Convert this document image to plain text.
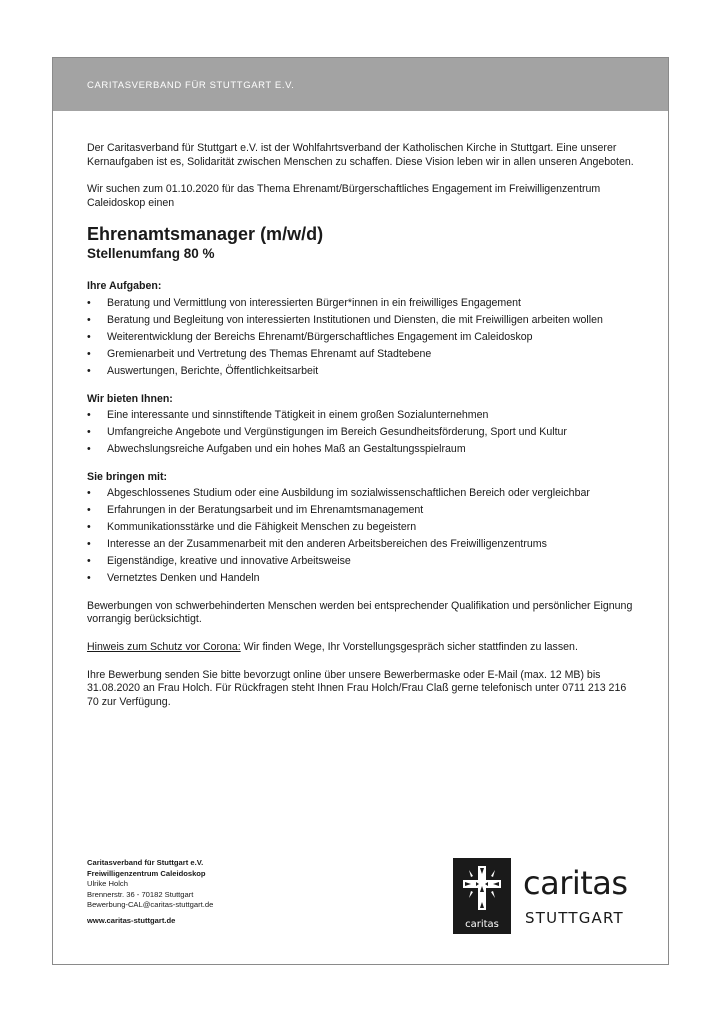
CARITASVERBAND FÜR STUTTGART E.V.

Der Caritasverband für Stuttgart e.V. ist der Wohlfahrtsverband der Katholischen Kirche in Stuttgart. Eine unserer Kernaufgaben ist es, Solidarität zwischen Menschen zu schaffen. Diese Vision leben wir in allen unseren Angeboten.

Wir suchen zum 01.10.2020 für das Thema Ehrenamt/Bürgerschaftliches Engagement im Freiwilligenzentrum Caleidoskop einen

Ehrenamtsmanager (m/w/d)
Stellenumfang 80 %
Ihre Aufgaben:
• Beratung und Vermittlung von interessierten Bürger*innen in ein freiwilliges Engagement
• Beratung und Begleitung von interessierten Institutionen und Diensten, die mit Freiwilligen arbeiten wollen
• Weiterentwicklung der Bereichs Ehrenamt/Bürgerschaftliches Engagement im Caleidoskop
• Gremienarbeit und Vertretung des Themas Ehrenamt auf Stadtebene
• Auswertungen, Berichte, Öffentlichkeitsarbeit
Wir bieten Ihnen:
• Eine interessante und sinnstiftende Tätigkeit in einem großen Sozialunternehmen
• Umfangreiche Angebote und Vergünstigungen im Bereich Gesundheitsförderung, Sport und Kultur
• Abwechslungsreiche Aufgaben und ein hohes Maß an Gestaltungsspielraum
Sie bringen mit:
• Abgeschlossenes Studium oder eine Ausbildung im sozialwissenschaftlichen Bereich oder vergleichbar
• Erfahrungen in der Beratungsarbeit und im Ehrenamtsmanagement
• Kommunikationsstärke und die Fähigkeit Menschen zu begeistern
• Interesse an der Zusammenarbeit mit den anderen Arbeitsbereichen des Freiwilligenzentrums
• Eigenständige, kreative und innovative Arbeitsweise
• Vernetztes Denken und Handeln

Bewerbungen von schwerbehinderten Menschen werden bei entsprechender Qualifikation und persönlicher Eignung vorrangig berücksichtigt.

Hinweis zum Schutz vor Corona: Wir finden Wege, Ihr Vorstellungsgespräch sicher stattfinden zu lassen.

Ihre Bewerbung senden Sie bitte bevorzugt online über unsere Bewerbermaske oder E-Mail (max. 12 MB) bis 31.08.2020 an Frau Holch. Für Rückfragen steht Ihnen Frau Holch/Frau Claß gerne telefonisch unter 0711 213 216 70 zur Verfügung.

Caritasverband für Stuttgart e.V.
Freiwilligenzentrum Caleidoskop
Ulrike Holch
Brennerstr. 36 - 70182 Stuttgart
Bewerbung-CAL@caritas-stuttgart.de
www.caritas-stuttgart.de	caritas
caritas
STUTTGART
